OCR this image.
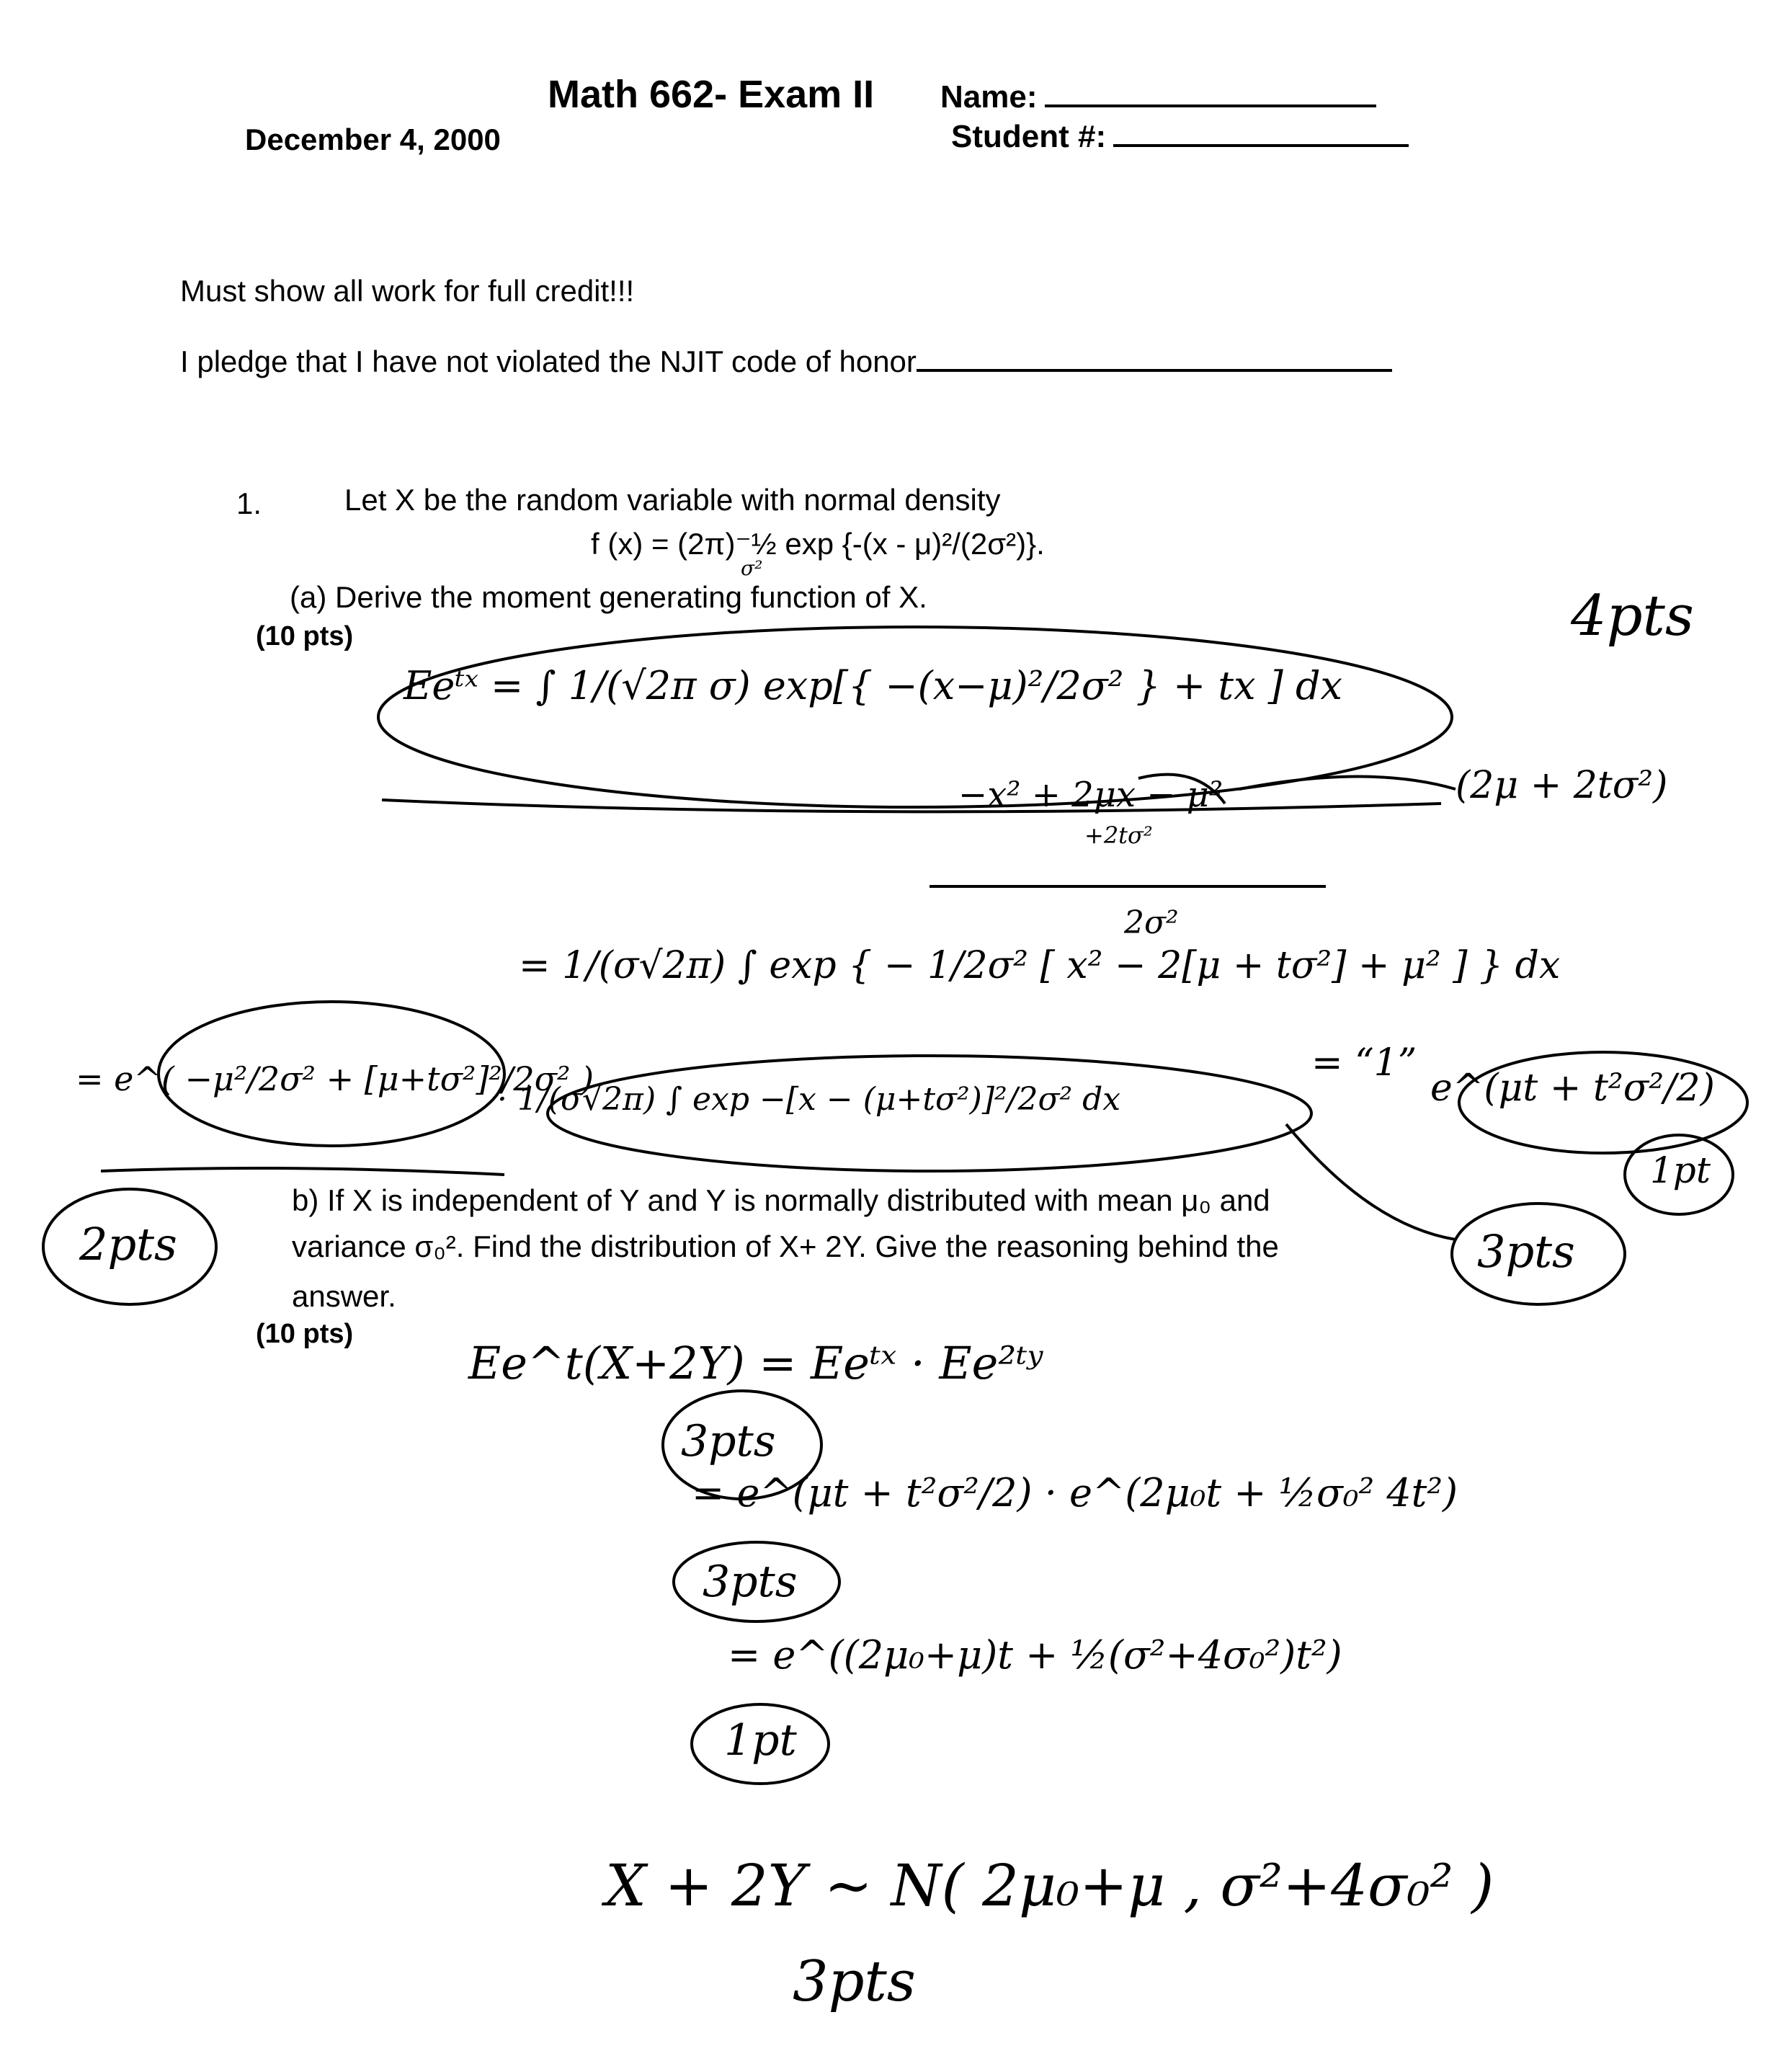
Math 662- Exam II Name:
December 4, 2000	Student #:
Must show all work for full credit!!!
I pledge that I have not violated the NJIT code of honor
1.	Let X be the random variable with normal density
f (x) = (2π)⁻½ exp {-(x - μ)²/(2σ²)}.
σ²
(a) Derive the moment generating function of X.
(10 pts)	4pts
Eeᵗˣ = ∫ 1/(√2π σ) exp[{ −(x−μ)²/2σ² } + tx ] dx
−x² + 2μx − μ²
+2tσ²
2σ²
(2μ + 2tσ²)
= 1/(σ√2π) ∫ exp { − 1/2σ² [ x² − 2[μ + tσ²] + μ² ] } dx
= e^( −μ²/2σ² + [μ+tσ²]²/2σ² )
· 1/(σ√2π) ∫ exp −[x − (μ+tσ²)]²/2σ² dx
= “1”
e^(μt + t²σ²/2)
2pts
1pt
3pts
b) If X is independent of Y and Y is normally distributed with mean μ₀ and
variance σ₀². Find the distribution of X+ 2Y. Give the reasoning behind the
answer.
(10 pts)
Ee^t(X+2Y) = Eeᵗˣ · Ee²ᵗʸ
= e^(μt + t²σ²/2) · e^(2μ₀t + ½σ₀² 4t²)
= e^((2μ₀+μ)t + ½(σ²+4σ₀²)t²)
3pts
3pts
1pt
X + 2Y ~ N( 2μ₀+μ , σ²+4σ₀² )
3pts
